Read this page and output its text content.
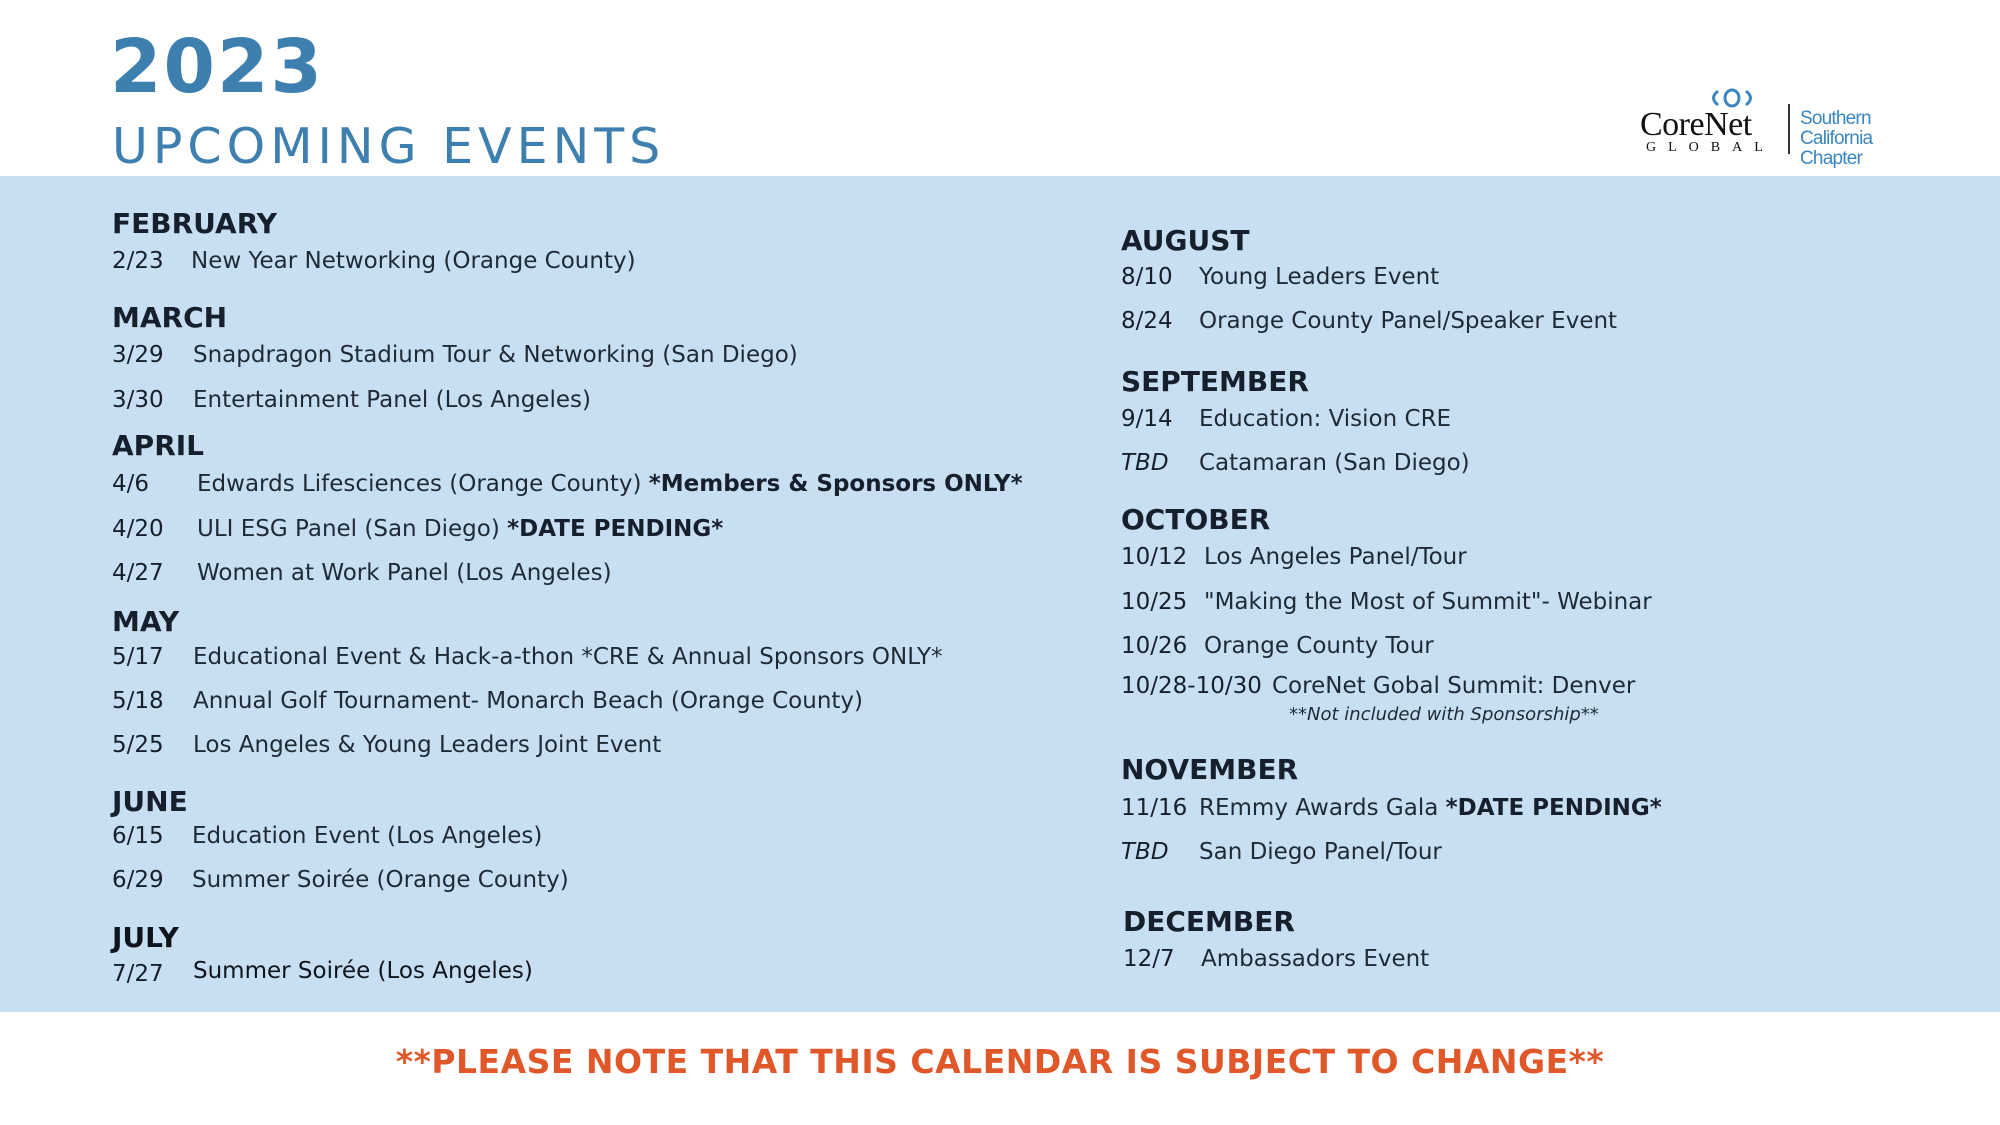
2023
UPCOMING EVENTS	CoreNet
GLOBAL
Southern California
Chapter
FEBRUARY
2/23 New Year Networking (Orange County)
MARCH
3/29 Snapdragon Stadium Tour & Networking (San Diego)
3/30 Entertainment Panel (Los Angeles)
APRIL
4/6 Edwards Lifesciences (Orange County) *Members & Sponsors ONLY*
4/20 ULI ESG Panel (San Diego) *DATE PENDING*
4/27 Women at Work Panel (Los Angeles)
MAY
5/17 Educational Event & Hack-a-thon *CRE & Annual Sponsors ONLY*
5/18 Annual Golf Tournament- Monarch Beach (Orange County)
5/25 Los Angeles & Young Leaders Joint Event
JUNE
6/15 Education Event (Los Angeles)
6/29 Summer Soirée (Orange County)
JULY
7/27 Summer Soirée (Los Angeles)
AUGUST
8/10 Young Leaders Event
8/24 Orange County Panel/Speaker Event
SEPTEMBER
9/14 Education: Vision CRE
TBD Catamaran (San Diego)
OCTOBER
10/12 Los Angeles Panel/Tour
10/25 "Making the Most of Summit"- Webinar
10/26 Orange County Tour
10/28-10/30 CoreNet Gobal Summit: Denver
**Not included with Sponsorship**
NOVEMBER
11/16 REmmy Awards Gala *DATE PENDING*
TBD San Diego Panel/Tour
DECEMBER
12/7 Ambassadors Event
**PLEASE NOTE THAT THIS CALENDAR IS SUBJECT TO CHANGE**
